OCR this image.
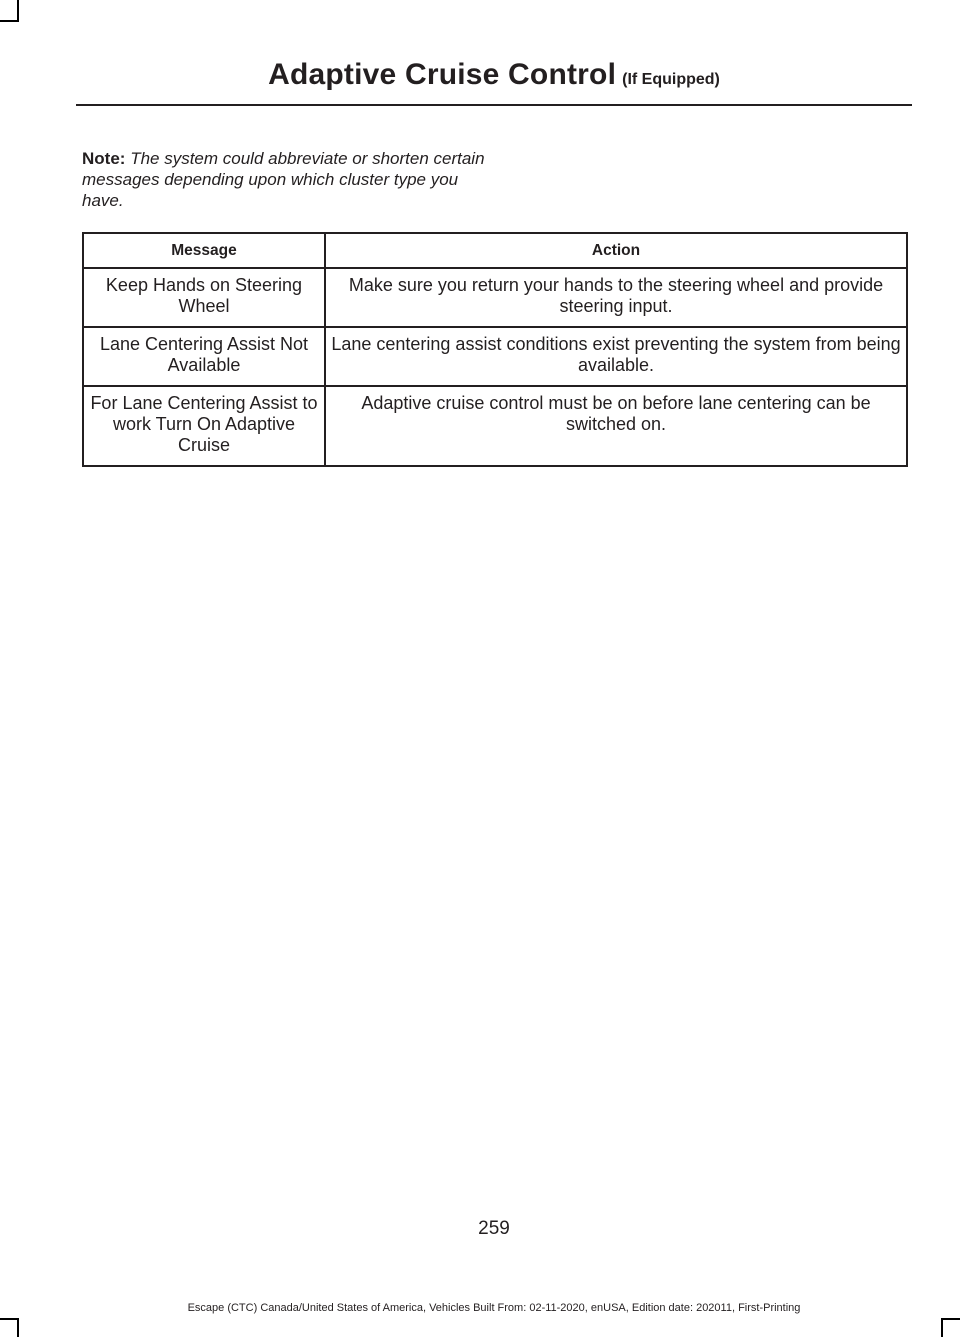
Adaptive Cruise Control (If Equipped)

Note: The system could abbreviate or shorten certain messages depending upon which cluster type you have.

Message	Action
Keep Hands on Steering Wheel	Make sure you return your hands to the steering wheel and provide steering input.
Lane Centering Assist Not Available	Lane centering assist conditions exist preventing the system from being available.
For Lane Centering Assist to work Turn On Adaptive Cruise	Adaptive cruise control must be on before lane centering can be switched on.
259
Escape (CTC) Canada/United States of America, Vehicles Built From: 02-11-2020, enUSA, Edition date: 202011, First-Printing
